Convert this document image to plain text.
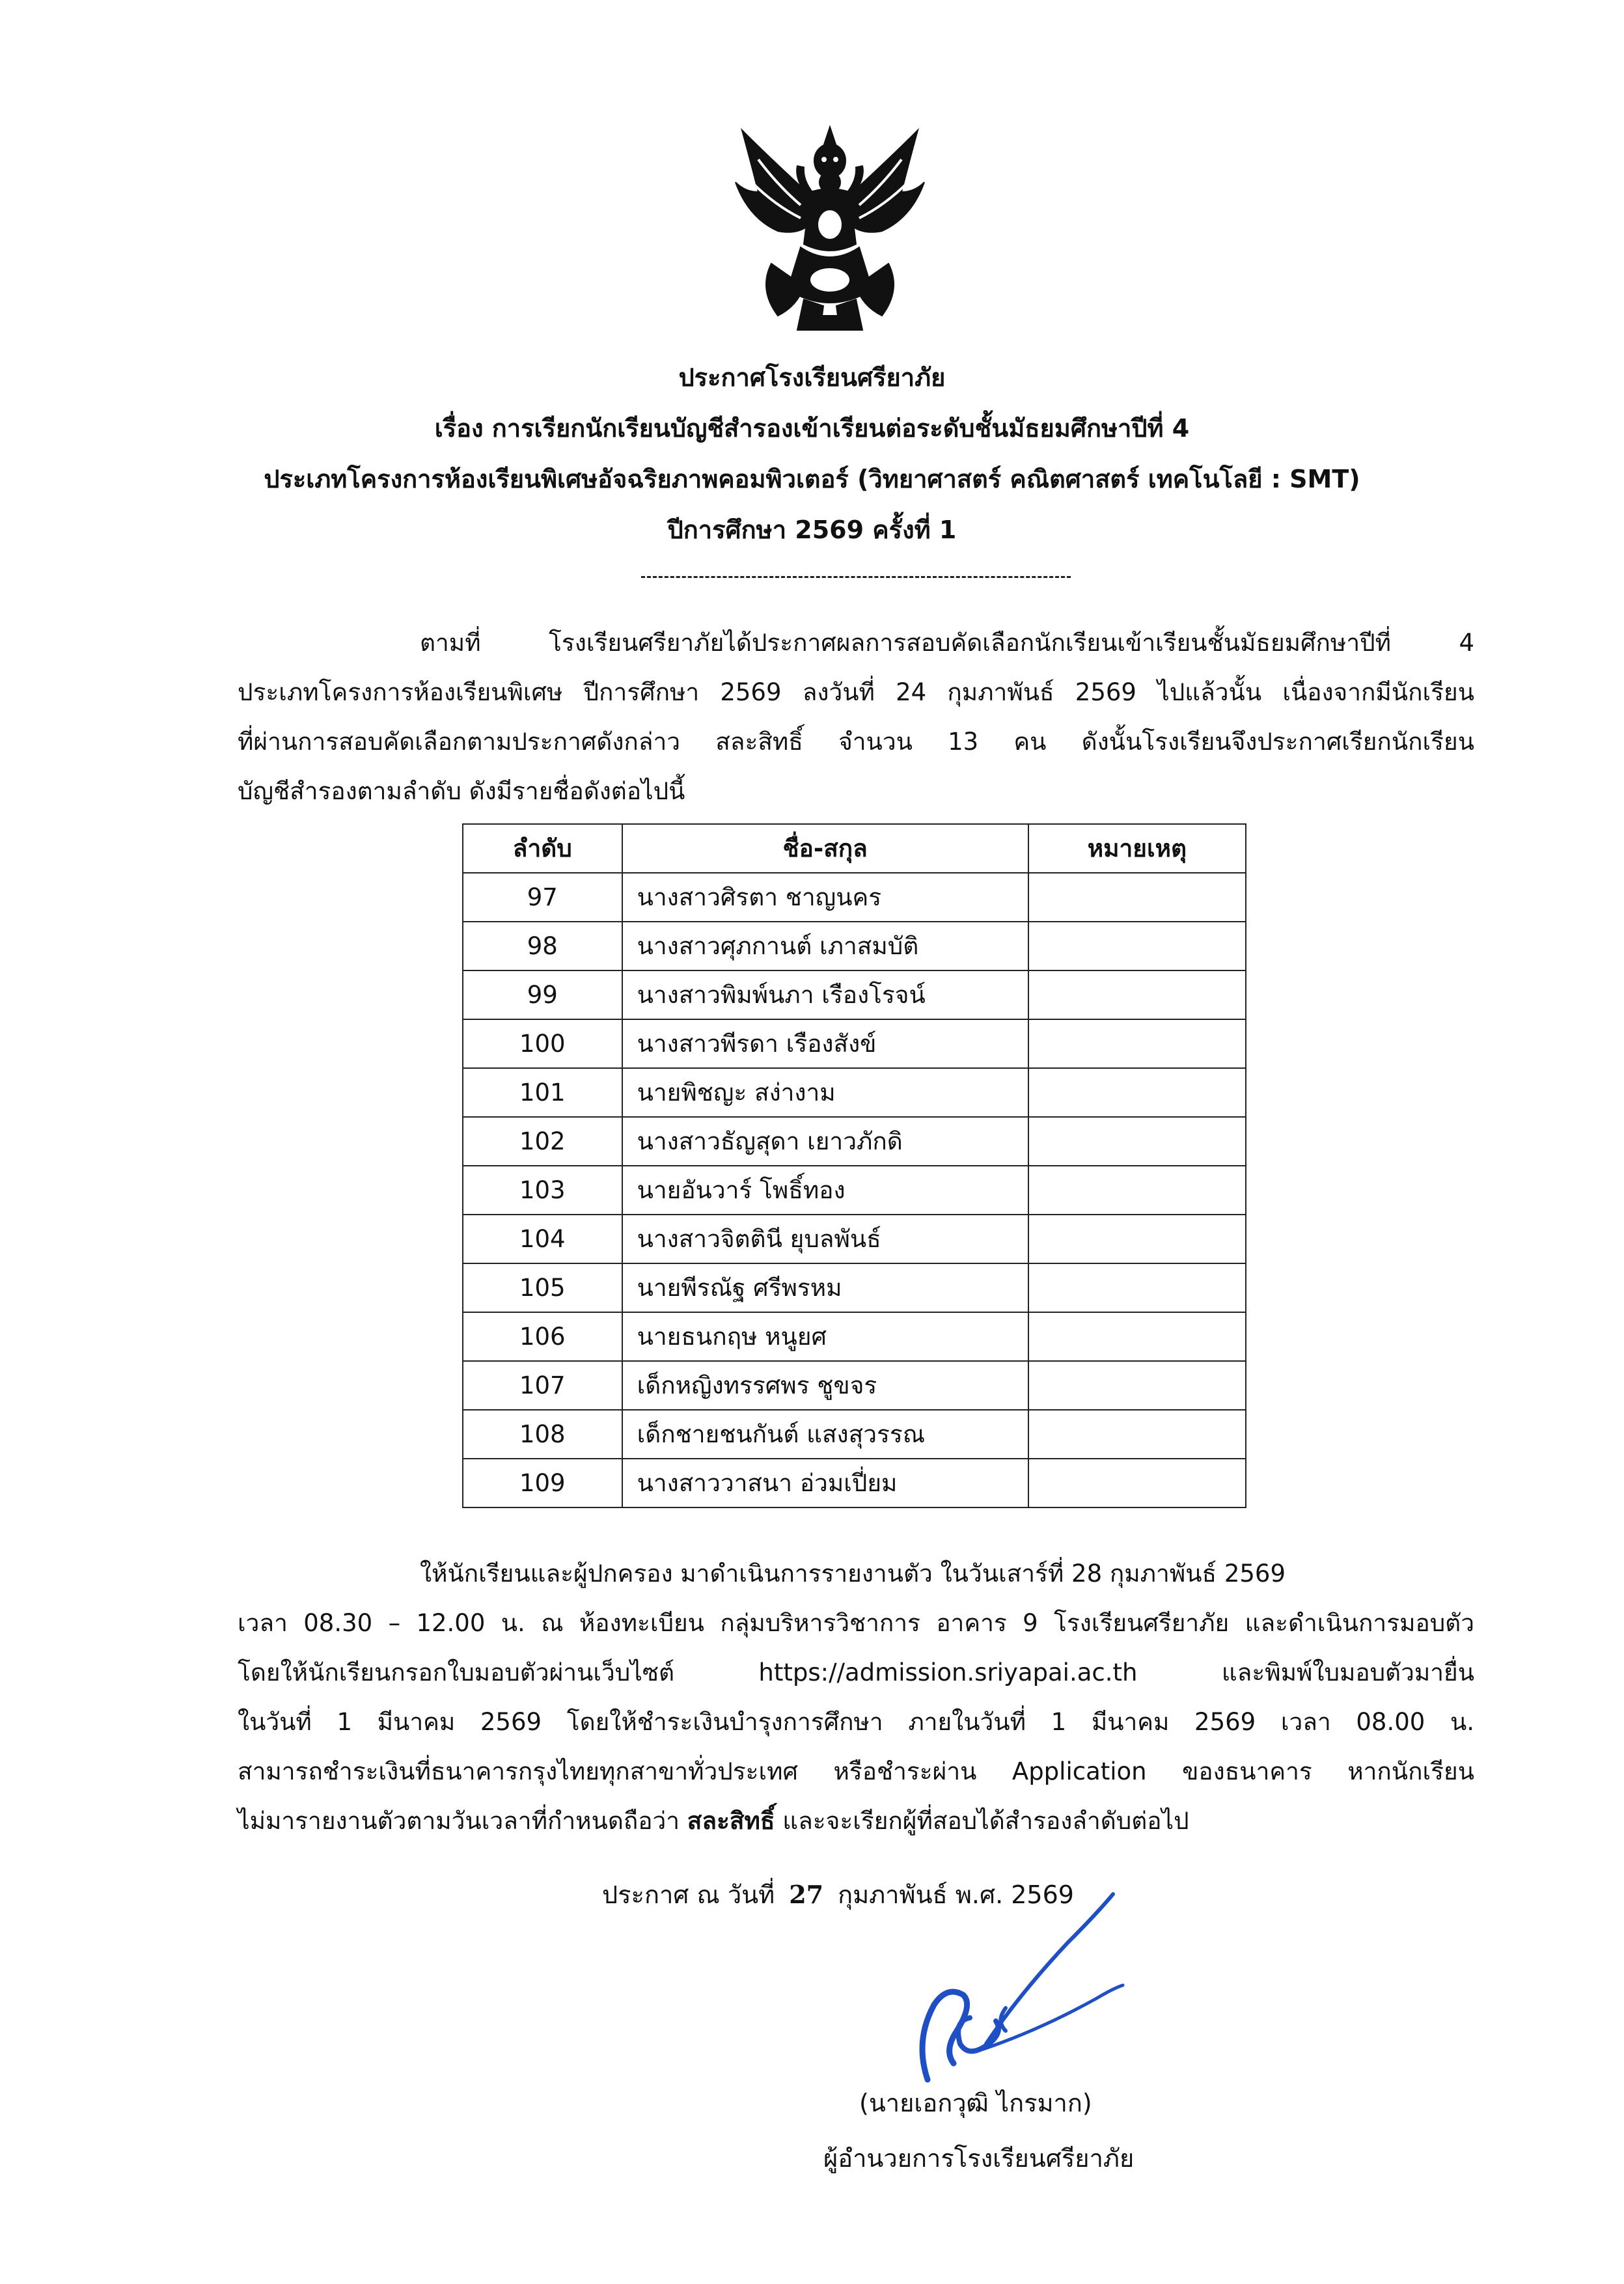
ประกาศโรงเรียนศรียาภัย
เรื่อง การเรียกนักเรียนบัญชีสำรองเข้าเรียนต่อระดับชั้นมัธยมศึกษาปีที่ 4
ประเภทโครงการห้องเรียนพิเศษอัจฉริยภาพคอมพิวเตอร์ (วิทยาศาสตร์ คณิตศาสตร์ เทคโนโลยี : SMT)
ปีการศึกษา 2569 ครั้งที่ 1
ตามที่ โรงเรียนศรียาภัยได้ประกาศผลการสอบคัดเลือกนักเรียนเข้าเรียนชั้นมัธยมศึกษาปีที่ 4
ประเภทโครงการห้องเรียนพิเศษ ปีการศึกษา 2569 ลงวันที่ 24 กุมภาพันธ์ 2569 ไปแล้วนั้น เนื่องจากมีนักเรียน
ที่ผ่านการสอบคัดเลือกตามประกาศดังกล่าว สละสิทธิ์ จำนวน 13 คน ดังนั้นโรงเรียนจึงประกาศเรียกนักเรียน
บัญชีสำรองตามลำดับ ดังมีรายชื่อดังต่อไปนี้
ลำดับ	ชื่อ-สกุล	หมายเหตุ
97	นางสาวศิรตา ชาญนคร	
98	นางสาวศุภกานต์ เภาสมบัติ	
99	นางสาวพิมพ์นภา เรืองโรจน์	
100	นางสาวพีรดา เรืองสังข์	
101	นายพิชญะ สง่างาม	
102	นางสาวธัญสุดา เยาวภักดิ	
103	นายอันวาร์ โพธิ์ทอง	
104	นางสาวจิตตินี ยุบลพันธ์	
105	นายพีรณัฐ ศรีพรหม	
106	นายธนกฤษ หนูยศ	
107	เด็กหญิงทรรศพร ชูขจร	
108	เด็กชายชนกันต์ แสงสุวรรณ	
109	นางสาววาสนา อ่วมเปี่ยม	
ให้นักเรียนและผู้ปกครอง มาดำเนินการรายงานตัว ในวันเสาร์ที่ 28 กุมภาพันธ์ 2569
เวลา 08.30 – 12.00 น. ณ ห้องทะเบียน กลุ่มบริหารวิชาการ อาคาร 9 โรงเรียนศรียาภัย และดำเนินการมอบตัว
โดยให้นักเรียนกรอกใบมอบตัวผ่านเว็บไซต์ https://admission.sriyapai.ac.th และพิมพ์ใบมอบตัวมายื่น
ในวันที่ 1 มีนาคม 2569 โดยให้ชำระเงินบำรุงการศึกษา ภายในวันที่ 1 มีนาคม 2569 เวลา 08.00 น.
สามารถชำระเงินที่ธนาคารกรุงไทยทุกสาขาทั่วประเทศ หรือชำระผ่าน Application ของธนาคาร หากนักเรียน
ไม่มารายงานตัวตามวันเวลาที่กำหนดถือว่า สละสิทธิ์ และจะเรียกผู้ที่สอบได้สำรองลำดับต่อไป
ประกาศ ณ วันที่ 27 กุมภาพันธ์ พ.ศ. 2569
(นายเอกวุฒิ ไกรมาก)
ผู้อำนวยการโรงเรียนศรียาภัย
